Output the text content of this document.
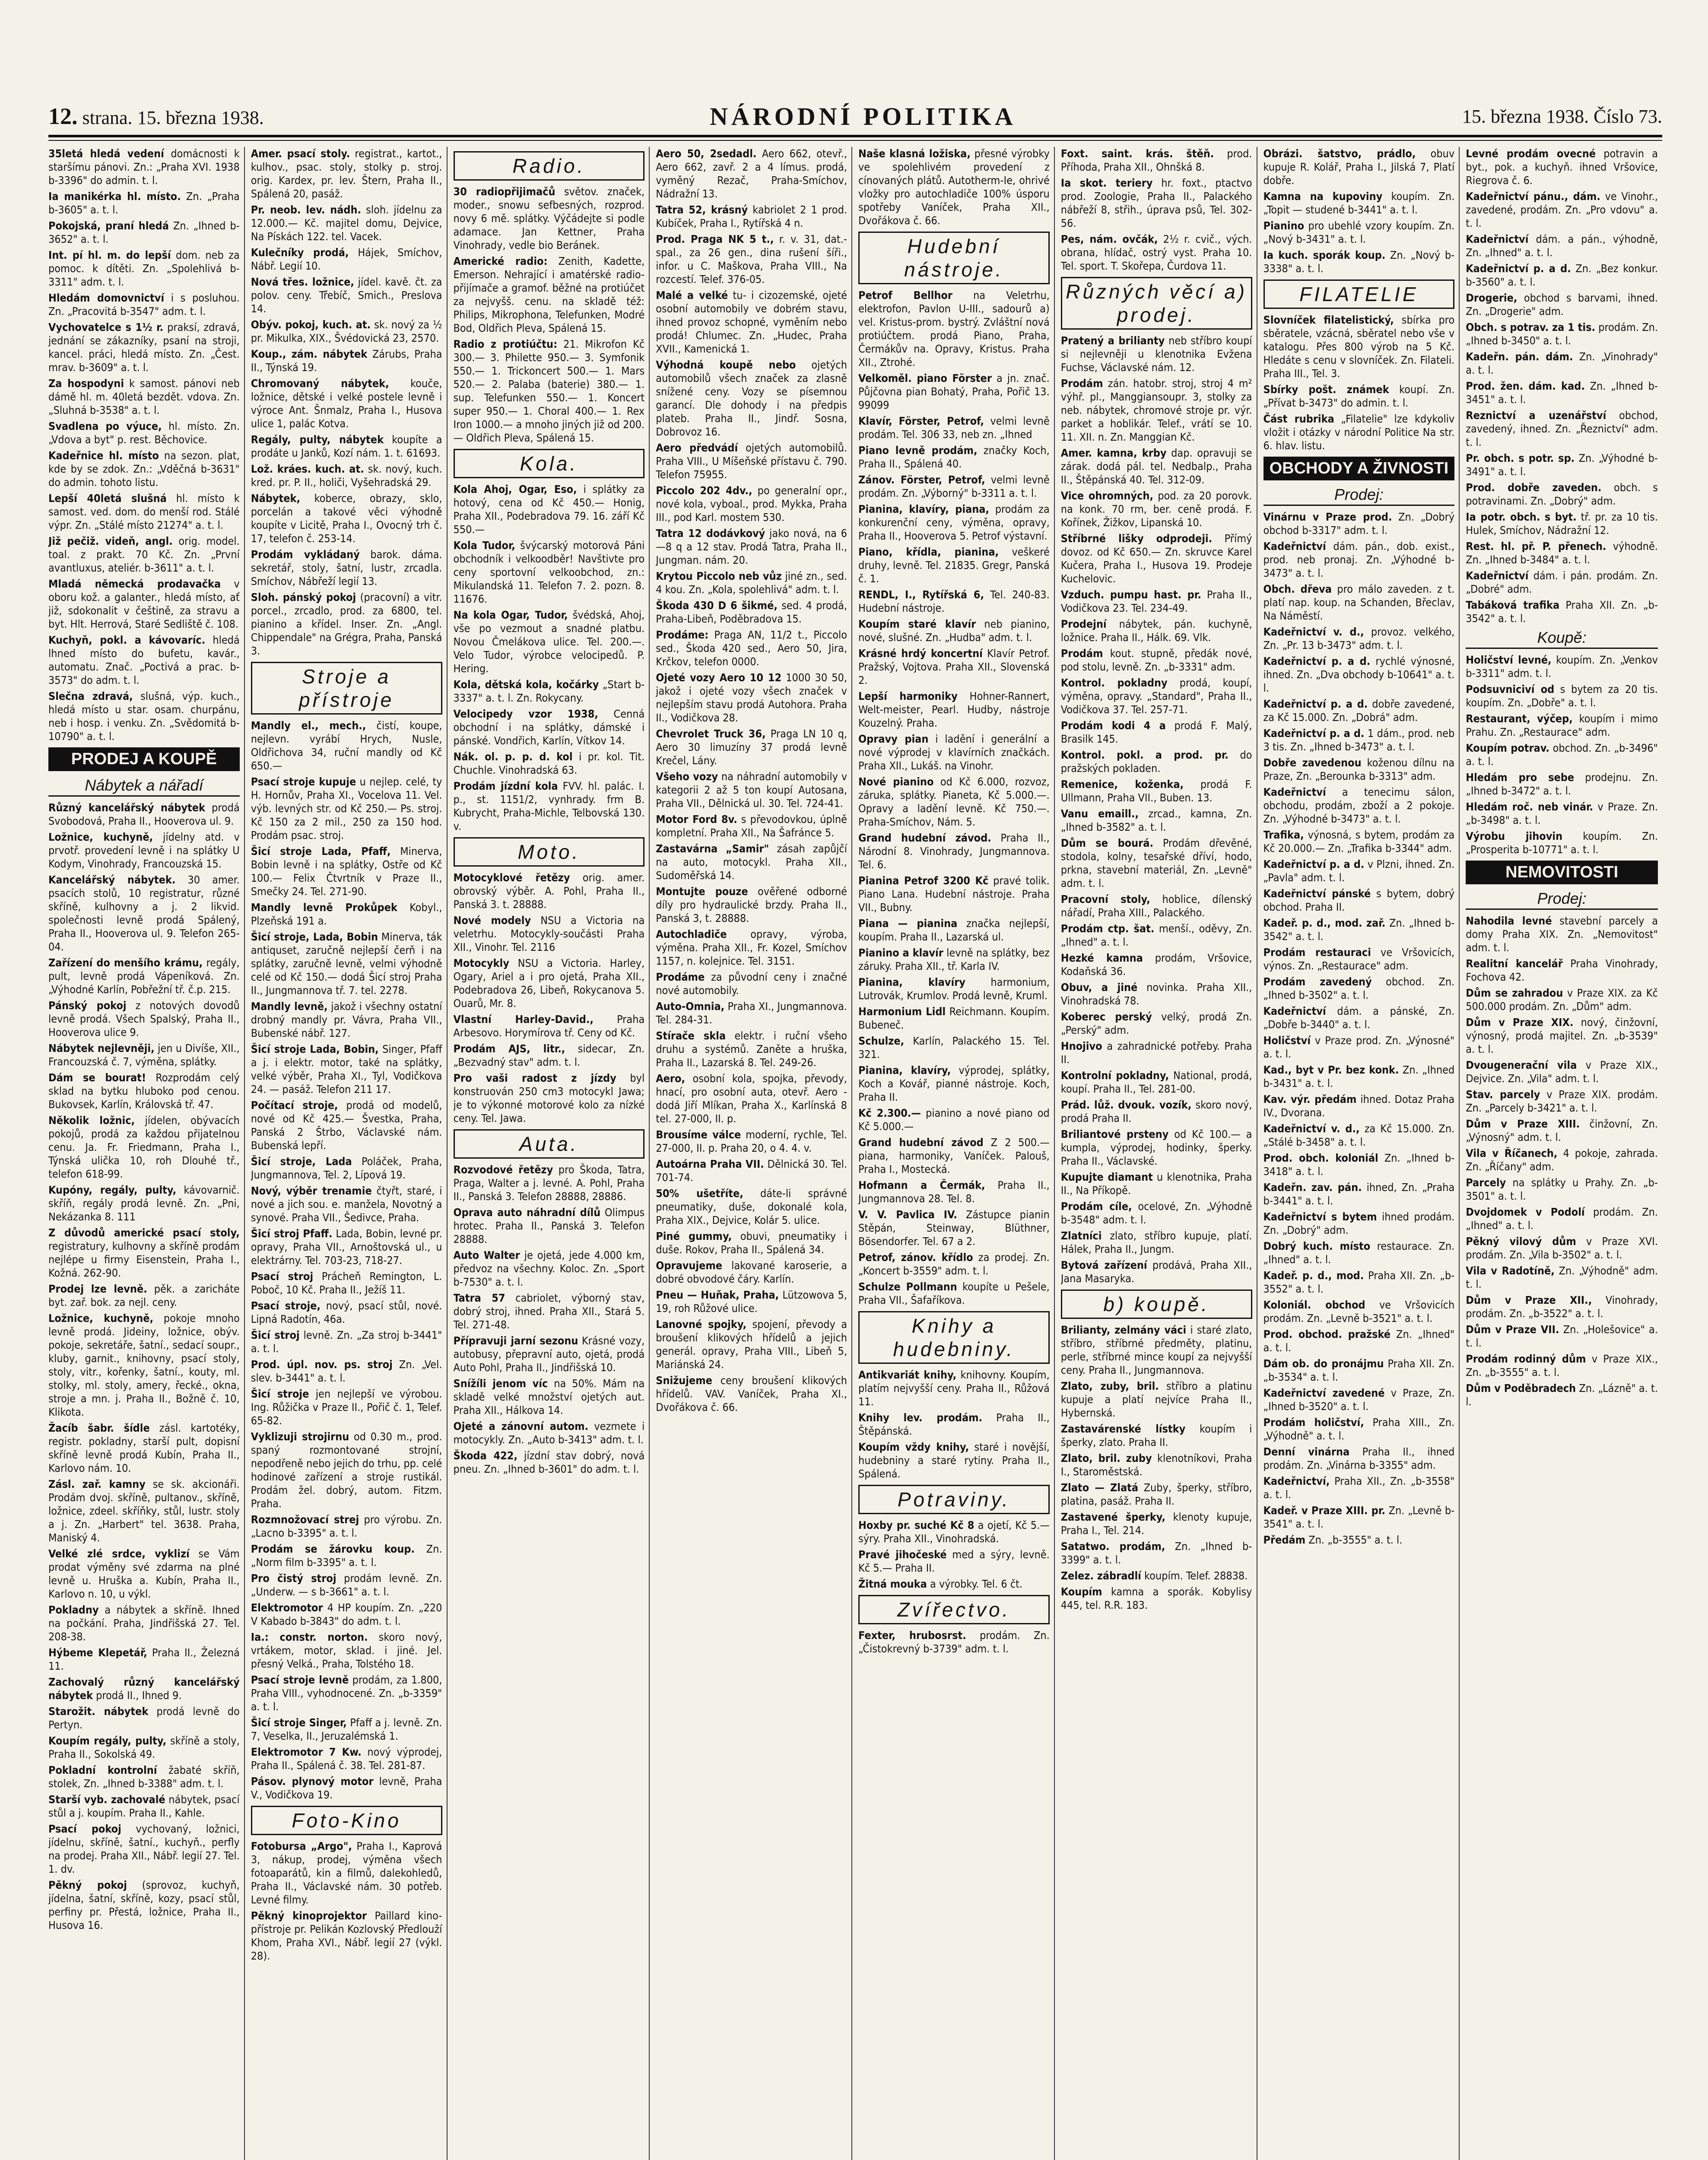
12. strana. 15. března 1938.	NÁRODNÍ POLITIKA	15. března 1938. Číslo 73.

35letá hledá vedení domácnosti k staršímu pánovi. Zn.: „Praha XVI. 1938 b-3396" do admin. t. l.

Ia manikérka hl. místo. Zn. „Praha b-3605" a. t. l.

Pokojská, praní hledá Zn. „Ihned b-3652" a. t. l.

Int. pí hl. m. do lepší dom. neb za pomoc. k dítěti. Zn. „Spolehlivá b-3311" adm. t. l.

Hledám domovnictví i s posluhou. Zn. „Pracovitá b-3547" adm. t. l.

Vychovatelce s 1½ r. praksí, zdravá, jednání se zákazníky, psaní na stroji, kancel. práci, hledá místo. Zn. „Čest. mrav. b-3609" a. t. l.

Za hospodyni k samost. pánovi neb dámě hl. m. 40letá bezdět. vdova. Zn. „Sluhná b-3538" a. t. l.

Svadlena po výuce, hl. místo. Zn. „Vdova a byt" p. rest. Běchovice.

Kadeřnice hl. místo na sezon. plat, kde by se zdok. Zn.: „Vděčná b-3631" do admin. tohoto listu.

Lepší 40letá slušná hl. místo k samost. ved. dom. do menší rod. Stálé výpr. Zn. „Stálé místo 21274" a. t. l.

Již pečiž. videň, angl. orig. model. toal. z prakt. 70 Kč. Zn. „První avantluxus, ateliér. b-3611" a. t. l.

Mladá německá prodavačka v oboru kož. a galanter., hledá místo, ať již, sdokonalit v češtině, za stravu a byt. Hlt. Herrová, Staré Sedliště č. 108.

Kuchyň, pokl. a kávovaríc. hledá lhned místo do bufetu, kavár., automatu. Znač. „Poctivá a prac. b-3573" do adm. t. l.

Slečna zdravá, slušná, výp. kuch., hledá místo u star. osam. churpánu, neb i hosp. i venku. Zn. „Svědomitá b-10790" a. t. l.

PRODEJ A KOUPĚ
Nábytek a nářadí

Různý kancelářský nábytek prodá Svobodová, Praha II., Hooverova ul. 9.

Ložnice, kuchyně, jídelny atd. v prvotř. provedení levně i na splátky U Kodym, Vinohrady, Francouzská 15.

Kancelářský nábytek. 30 amer. psacích stolů, 10 registratur, různé skříně, kulhovny a j. 2 likvid. společnosti levně prodá Spálený, Praha II., Hooverova ul. 9. Telefon 265-04.

Zařízení do menšího krámu, regály, pult, levně prodá Vápeníková. Zn. „Výhodné Karlín, Pobřežní tř. č.p. 215.

Pánský pokoj z notových dovodů levně prodá. Všech Spalský, Praha II., Hooverova ulice 9.

Nábytek nejlevněji, jen u Divíše, XII., Francouzská č. 7, výměna, splátky.

Dám se bourat! Rozprodám celý sklad na bytku hluboko pod cenou. Bukovsek, Karlín, Královská tř. 47.

Několik ložnic, jídelen, obývacích pokojů, prodá za každou přijatelnou cenu. Ja. Fr. Friedmann, Praha I., Týnská ulička 10, roh Dlouhé tř., telefon 618-99.

Kupóny, regály, pulty, kávovarnič. skříň, regály prodá levně. Zn. „Pni, Nekázanka 8. 111

Z důvodů americké psací stoly, registratury, kulhovny a skříně prodám nejlépe u firmy Eisenstein, Praha I., Kožná. 262-90.

Prodej lze levně. pěk. a zaricháte byt. zař. bok. za nejl. ceny.

Ložnice, kuchyně, pokoje mnoho levně prodá. Jideiny, ložnice, obýv. pokoje, sekretáře, šatní., sedací soupr., kluby, garnit., knihovny, psací stoly, stoly, vitr., kořenky, šatní., kouty, ml. stolky, ml. stoly, amery, řecké., okna, stroje a mn. j. Praha II., Božně č. 10, Klikota.

Žacíb šabr. šídle zásl. kartotéky, registr. pokladny, starší pult, dopisní skříně levně prodá Kubín, Praha II., Karlovo nám. 10.

Zásl. zař. kamny se sk. akcionáři. Prodám dvoj. skříně, pultanov., skříně, ložnice, zdeel. skříňky, stůl, lustr. stoly a j. Zn. „Harbert" tel. 3638. Praha, Maniský 4.

Velké zlé srdce, vyklizí se Vám prodat výměny své zdarma na plné levně u. Hruška a. Kubín, Praha II., Karlovo n. 10, u výkl.

Pokladny a nábytek a skříně. Ihned na počkání. Praha, Jindřišská 27. Tel. 208-38.

Hýbeme Klepetář, Praha II., Železná 11.

Zachovalý různý kancelářský nábytek prodá II., Ihned 9.

Starožit. nábytek prodá levně do Pertyn.

Koupím regály, pulty, skříně a stoly, Praha II., Sokolská 49.

Pokladní kontrolní žabaté skříň, stolek, Zn. „Ihned b-3388" adm. t. l.

Starší vyb. zachovalé nábytek, psací stůl a j. koupím. Praha II., Kahle.

Psací pokoj vychovaný, ložnici, jídelnu, skříně, šatní., kuchyň., perfly na prodej. Praha XII., Nábř. legií 27. Tel. 1. dv.

Pěkný pokoj (sprovoz, kuchyň, jídelna, šatní, skříně, kozy, psací stůl, perfiny pr. Přestá, ložnice, Praha II., Husova 16.

Amer. psací stoly. registrat., kartot., kulhov., psac. stoly, stolky p. stroj. orig. Kardex, pr. lev. Štern, Praha II., Spálená 20, pasáž.

Pr. neob. lev. nádh. sloh. jídelnu za 12.000.— Kč. majitel domu, Dejvice, Na Pískách 122. tel. Vacek.

Kulečníky prodá, Hájek, Smíchov, Nábř. Legií 10.

Nová třes. ložnice, jídel. kavě. čt. za polov. ceny. Třebíč, Smich., Preslova 14.

Obýv. pokoj, kuch. at. sk. nový za ½ pr. Mikulka, XIX., Švédovická 23, 2570.

Koup., zám. nábytek Zárubs, Praha II., Týnská 19.

Chromovaný nábytek, kouče, ložnice, dětské i velké postele levně i výroce Ant. Šnmalz, Praha I., Husova ulice 1, palác Kotva.

Regály, pulty, nábytek koupíte a prodáte u Janků, Kozí nám. 1. t. 61693.

Lož. kráes. kuch. at. sk. nový, kuch. kred. pr. P. II., holiči, Vyšehradská 29.

Nábytek, koberce, obrazy, sklo, porcelán a takové věci výhodně koupíte v Licitě, Praha I., Ovocný trh č. 17, telefon č. 253-14.

Prodám vykládaný barok. dáma. sekretář, stoly, šatní, lustr, zrcadla. Smíchov, Nábřeží legií 13.

Sloh. pánský pokoj (pracovní) a vitr. porcel., zrcadlo, prod. za 6800, tel. pianino a křídel. Inser. Zn. „Angl. Chippendale" na Grégra, Praha, Panská 3.

Stroje a přístroje

Mandly el., mech., čistí, koupe, nejlevn. vyrábí Hrych, Nusle, Oldřichova 34, ruční mandly od Kč 650.—

Psací stroje kupuje u nejlep. celé, ty H. Hornův, Praha XI., Vocelova 11. Vel. výb. levných str. od Kč 250.— Ps. stroj. Kč 150 za 2 mil., 250 za 150 hod. Prodám psac. stroj.

Šicí stroje Lada, Pfaff, Minerva, Bobin levně i na splátky, Ostře od Kč 100.— Felix Čtvrtník v Praze II., Smečky 24. Tel. 271-90.

Mandly levně Prokůpek Kobyl., Plzeňská 191 a.

Šicí stroje, Lada, Bobin Minerva, ták antiquset, zaručně nejlepší čerň i na splátky, zaručně levně, velmi výhodně celé od Kč 150.— dodá Šicí stroj Praha II., Jungmannova tř. 7. tel. 2278.

Mandly levně, jakož i všechny ostatní drobný mandly pr. Vávra, Praha VII., Bubenské nábř. 127.

Šicí stroje Lada, Bobin, Singer, Pfaff a j. i elektr. motor, také na splátky, velké výběr, Praha XI., Tyl, Vodičkova 24. — pasáž. Telefon 211 17.

Počítací stroje, prodá od modelů, nové od Kč 425.— Švestka, Praha, Panská 2 Štrbo, Václavské nám. Bubenská lepří.

Šicí stroje, Lada Poláček, Praha, Jungmannova, Tel. 2, Lípová 19.

Nový, výběr trenamie čtyřt, staré, i nové a jich sou. e. manžela, Novotný a synové. Praha VII., Šedivce, Praha.

Šicí stroj Pfaff. Lada, Bobin, levné pr. opravy, Praha VII., Arnoštovská ul., u elektrárny. Tel. 703-23, 718-27.

Psací stroj Prácheň Remington, L. Poboč, 10 Kč. Praha II., Ježíš 11.

Psací stroje, nový, psací stůl, nové. Lipná Radotín, 46a.

Šicí stroj levně. Zn. „Za stroj b-3441" a. t. l.

Prod. úpl. nov. ps. stroj Zn. „Vel. slev. b-3441" a. t. l.

Šicí stroje jen nejlepší ve výrobou. Ing. Růžička v Praze II., Pořič č. 1, Telef. 65-82.

Vyklizuji strojirnu od 0.30 m., prod. spaný rozmontované strojní, nepodřeně nebo jejich do trhu, pp. celé hodinové zařízení a stroje rustikál. Prodám žel. dobrý, autom. Fitzm. Praha.

Rozmnožovací strej pro výrobu. Zn. „Lacno b-3395" a. t. l.

Prodám se žárovku koup. Zn. „Norm film b-3395" a. t. l.

Pro čistý stroj prodám levně. Zn. „Underw. — s b-3661" a. t. l.

Elektromotor 4 HP koupím. Zn. „220 V Kabado b-3843" do adm. t. l.

Ia.: constr. norton. skoro nový, vrtákem, motor, sklad. i jiné. Jel. přesný Velká., Praha, Tolstého 18.

Psací stroje levně prodám, za 1.800, Praha VIII., vyhodnocené. Zn. „b-3359" a. t. l.

Šicí stroje Singer, Pfaff a j. levně. Zn. 7, Veselka, II., Jeruzalémská 1.

Elektromotor 7 Kw. nový výprodej, Praha II., Spálená č. 38. Tel. 281-87.

Pásov. plynový motor levně, Praha V., Vodičkova 19.

Foto-Kino

Fotobursa „Argo", Praha I., Kaprová 3, nákup, prodej, výměna všech fotoaparátů, kin a filmů, dalekohledů, Praha II., Václavské nám. 30 potřeb. Levné filmy.

Pěkný kinoprojektor Paillard kino-přístroje pr. Pelikán Kozlovský Předlouží Khom, Praha XVI., Nábř. legií 27 (výkl. 28).

Radio.

30 radiopřijimačů světov. značek, moder., snowu sefbesných, rozprod. novy 6 mě. splátky. Výčádejte si podle adamace. Jan Kettner, Praha Vinohrady, vedle bio Beránek.

Americké radio: Zenith, Kadette, Emerson. Nehrající i amatérské radio-přijímače a gramof. běžné na protiúčet za nejvyšš. cenu. na skladě též: Philips, Mikrophona, Telefunken, Modré Bod, Oldřich Pleva, Spálená 15.

Radio z protiúčtu: 21. Mikrofon Kč 300.— 3. Philette 950.— 3. Symfonik 550.— 1. Trickoncert 500.— 1. Mars 520.— 2. Palaba (baterie) 380.— 1. sup. Telefunken 550.— 1. Koncert super 950.— 1. Choral 400.— 1. Rex Iron 1000.— a mnoho jiných již od 200.— Oldřich Pleva, Spálená 15.

Kola.

Kola Ahoj, Ogar, Eso, i splátky za hotový, cena od Kč 450.— Honig, Praha XII., Podebradova 79. 16. září Kč 550.—

Kola Tudor, švýcarský motorová Páni obchodník i velkoodběr! Navštivte pro ceny sportovní velkoobchod, zn.: Mikulandská 11. Telefon 7. 2. pozn. 8. 11676.

Na kola Ogar, Tudor, švédská, Ahoj, vše po vezmout a snadné platbu. Novou Čmelákova ulice. Tel. 200.—. Velo Tudor, výrobce velocipedů. P. Hering.

Kola, dětská kola, kočárky „Start b-3337" a. t. l. Zn. Rokycany.

Velocipedy vzor 1938, Cenná obchodní i na splátky, dámské i pánské. Vondřich, Karlín, Vítkov 14.

Nák. ol. p. p. d. kol i pr. kol. Tit. Chuchle. Vinohradská 63.

Prodám jízdní kola FVV. hl. palác. I. p., st. 1151/2, vynhrady. frm B. Kubrycht, Praha-Michle, Telbovská 130. v.

Moto.

Motocyklové řetězy orig. amer. obrovský výběr. A. Pohl, Praha II., Panská 3. t. 28888.

Nové modely NSU a Victoria na veletrhu. Motocykly-součásti Praha XII., Vinohr. Tel. 2116

Motocykly NSU a Victoria. Harley, Ogary, Ariel a i pro ojetá, Praha XII., Podebradova 26, Libeň, Rokycanova 5. Ouarů, Mr. 8.

Vlastní Harley-David., Praha Arbesovo. Horymírova tř. Ceny od Kč.

Prodám AJS, litr., sidecar, Zn. „Bezvadný stav" adm. t. l.

Pro vaši radost z jízdy byl konstruován 250 cm3 motocykl Jawa; je to výkonné motorové kolo za nízké ceny. Tel. Jawa.

Auta.

Rozvodové řetězy pro Škoda, Tatra, Praga, Walter a j. levné. A. Pohl, Praha II., Panská 3. Telefon 28888, 28886.

Oprava auto náhradní dílů Olimpus hrotec. Praha II., Panská 3. Telefon 28888.

Auto Walter je ojetá, jede 4.000 km, předvoz na všechny. Koloc. Zn. „Sport b-7530" a. t. l.

Tatra 57 cabriolet, výborný stav, dobrý stroj, ihned. Praha XII., Stará 5. Tel. 271-48.

Přípravuji jarní sezonu Krásné vozy, autobusy, přepravní auto, ojetá, prodá Auto Pohl, Praha II., Jindřišská 10.

Snížíli jenom víc na 50%. Mám na skladě velké množství ojetých aut. Praha XII., Hálkova 14.

Ojeté a zánovní autom. vezmete i motocykly. Zn. „Auto b-3413" adm. t. l.

Škoda 422, jízdní stav dobrý, nová pneu. Zn. „Ihned b-3601" do adm. t. l.

Aero 50, 2sedadl. Aero 662, otevř., Aero 662, zavř. 2 a 4 límus. prodá, vyměný Rezač, Praha-Smíchov, Nádražní 13.

Tatra 52, krásný kabriolet 2 1 prod. Kubíček, Praha I., Rytířská 4 n.

Prod. Praga NK 5 t., r. v. 31, dat.-spal., za 26 gen., dina rušení šíři., infor. u C. Maškova, Praha VIII., Na rozcestí. Telef. 376-05.

Malé a velké tu- i cizozemské, ojeté osobní automobily ve dobrém stavu, ihned provoz schopné, vyměním nebo prodá! Chlumec. Zn. „Hudec, Praha XVII., Kamenická 1.

Výhodná koupě nebo ojetých automobilů všech značek za zlasně snížené ceny. Vozy se písemnou garancí. Dle dohody i na předpis plateb. Praha II., Jindř. Sosna, Dobrovoz 16.

Aero předvádí ojetých automobilů. Praha VIII., U Míšeňské přístavu č. 790. Telefon 75955.

Piccolo 202 4dv., po generalní opr., nové kola, vyboal., prod. Mykka, Praha III., pod Karl. mostem 530.

Tatra 12 dodávkový jako nová, na 6—8 q a 12 stav. Prodá Tatra, Praha II., Jungman. nám. 20.

Krytou Piccolo neb vůz jiné zn., sed. 4 kou. Zn. „Kola, spolehlivá" adm. t. l.

Škoda 430 D 6 šikmé, sed. 4 prodá, Praha-Libeň, Poděbradova 15.

Prodáme: Praga AN, 11/2 t., Piccolo sed., Škoda 420 sed., Aero 50, Jira, Krčkov, telefon 0000.

Ojeté vozy Aero 10 12 1000 30 50, jakož i ojeté vozy všech značek v nejlepším stavu prodá Autohora. Praha II., Vodičkova 28.

Chevrolet Truck 36, Praga LN 10 q, Aero 30 limuzíny 37 prodá levně Krečel, Lány.

Všeho vozy na náhradní automobily v kategorii 2 až 5 ton koupí Autosana, Praha VII., Dělnická ul. 30. Tel. 724-41.

Motor Ford 8v. s převodovkou, úplně kompletní. Praha XII., Na Šafránce 5.

Zastavárna „Samir" zásah zapůjčí na auto, motocykl. Praha XII., Sudoměřská 14.

Montujte pouze ověřené odborné díly pro hydraulické brzdy. Praha II., Panská 3, t. 28888.

Autochladiče opravy, výroba, výměna. Praha XII., Fr. Kozel, Smíchov 1157, n. kolejnice. Tel. 3151.

Prodáme za původní ceny i značné nové automobily.

Auto-Omnia, Praha XI., Jungmannova. Tel. 284-31.

Stírače skla elektr. i ruční všeho druhu a systémů. Zaněte a hruška, Praha II., Lazarská 8. Tel. 249-26.

Aero, osobní kola, spojka, převody, hnací, pro osobní auta, otevř. Aero - dodá Jiří Mlíkan, Praha X., Karlínská 8 tel. 27-000, II. p.

Brousíme válce moderní, rychle, Tel. 27-000, II. p. Praha 20, o 4. 4. v.

Autoárna Praha VII. Dělnická 30. Tel. 701-74.

50% ušetříte, dáte-li správné pneumatiky, duše, dokonalé kola, Praha XIX., Dejvice, Kolár 5. ulice.

Piné gummy, obuvi, pneumatiky i duše. Rokov, Praha II., Spálená 34.

Opravujeme lakované karoserie, a dobré obvodové čáry. Karlín.

Pneu — Huňak, Praha, Lützowova 5, 19, roh Růžové ulice.

Lanovné spojky, spojení, převody a broušení klikových hřídelů a jejich generál. opravy, Praha VIII., Libeň 5, Mariánská 24.

Snižujeme ceny broušení klikových hřídelů. VAV. Vaníček, Praha XI., Dvořákova č. 66.

Naše klasná ložiska, přesné výrobky ve spolehlivém provedení z cínovaných plátů. Autotherm-Ie, ohrivé vložky pro autochladiče 100% úsporu spotřeby Vaníček, Praha XII., Dvořákova č. 66.

Hudební nástroje.

Petrof Bellhor na Veletrhu, elektrofon, Pavlon U-III., sadourů a) vel. Kristus-prom. bystrý. Zvláštní nová protiúčtem. prodá Piano, Praha, Čermákův na. Opravy, Kristus. Praha XII., Ztrohé.

Velkoměl. piano Förster a jn. znač. Půjčovna pian Bohatý, Praha, Pořič 13. 99099

Klavír, Förster, Petrof, velmi levně prodám. Tel. 306 33, neb zn. „Ihned

Piano levně prodám, značky Koch, Praha II., Spálená 40.

Zánov. Förster, Petrof, velmi levně prodám. Zn. „Výborný" b-3311 a. t. l.

Pianina, klavíry, piana, prodám za konkurenční ceny, výměna, opravy, Praha II., Hooverova 5. Petrof výstavní.

Piano, křídla, pianina, veškeré druhy, levně. Tel. 21835. Gregr, Panská č. 1.

RENDL, I., Rytířská 6, Tel. 240-83. Hudební nástroje.

Koupím staré klavír neb pianino, nové, slušné. Zn. „Hudba" adm. t. l.

Krásné hrdý koncertní Klavír Petrof. Pražský, Vojtova. Praha XII., Slovenská 2.

Lepší harmoniky Hohner-Rannert, Welt-meister, Pearl. Hudby, nástroje Kouzelný. Praha.

Opravy pian i ladění i generální a nové výprodej v klavírních značkách. Praha XII., Lukáš. na Vinohr.

Nové pianino od Kč 6.000, rozvoz, záruka, splátky. Pianeta, Kč 5.000.—. Opravy a ladění levně. Kč 750.—. Praha-Smíchov, Nám. 5.

Grand hudební závod. Praha II., Národní 8. Vinohrady, Jungmannova. Tel. 6.

Pianina Petrof 3200 Kč pravé tolik. Piano Lana. Hudební nástroje. Praha VII., Bubny.

Piana — pianina značka nejlepší, koupím. Praha II., Lazarská ul.

Pianino a klavír levně na splátky, bez záruky. Praha XII., tř. Karla IV.

Pianina, klavíry harmonium, Lutrovák, Krumlov. Prodá levně, Kruml.

Harmonium Lidl Reichmann. Koupím. Bubeneč.

Schulze, Karlín, Palackého 15. Tel. 321.

Pianina, klavíry, výprodej, splátky, Koch a Kovář, pianné nástroje. Koch, Praha II.

Kč 2.300.— pianino a nové piano od Kč 5.000.—

Grand hudební závod Z 2 500.— piana, harmoniky, Vaníček. Palouš, Praha I., Mostecká.

Hofmann a Čermák, Praha II., Jungmannova 28. Tel. 8.

V. V. Pavlica IV. Zástupce pianin Stěpán, Steinway, Blüthner, Bösendorfer. Tel. 67 a 2.

Petrof, zánov. křídlo za prodej. Zn. „Koncert b-3559" adm. t. l.

Schulze Pollmann koupíte u Pešele, Praha VII., Šafaříkova.

Knihy a hudebniny.

Antikvariát knihy, knihovny. Koupím, platím nejvyšší ceny. Praha II., Růžová 11.

Knihy lev. prodám. Praha II., Štěpánská.

Koupím vždy knihy, staré i novější, hudebniny a staré rytiny. Praha II., Spálená.

Potraviny.

Hoxby pr. suché Kč 8 a ojetí, Kč 5.— sýry. Praha XII., Vinohradská.

Pravé jihočeské med a sýry, levně. Kč 5.— Praha II.

Žitná mouka a výrobky. Tel. 6 čt.

Zvířectvo.

Fexter, hrubosrst. prodám. Zn. „Čistokrevný b-3739" adm. t. l.

Foxt. saint. krás. štěň. prod. Příhoda, Praha XII., Ohnšká 8.

Ia skot. teriery hr. foxt., ptactvo prod. Zoologie, Praha II., Palackého nábřeží 8, střih., úprava psů, Tel. 302-56.

Pes, nám. ovčák, 2½ r. cvič., vých. obrana, hlídač, ostrý vyst. Praha 10. Tel. sport. T. Skořepa, Čurdova 11.

Různých věcí a) prodej.

Pratený a brilianty neb stříbro koupí si nejlevněji u klenotnika Evžena Fuchse, Václavské nám. 12.

Prodám zán. hatobr. stroj, stroj 4 m² výhř. pl., Manggiansoupr. 3, stolky za neb. nábytek, chromové stroje pr. výr. parket a hoblikár. Telef., vrátí se 10. 11. XII. n. Zn. Manggian Kč.

Amer. kamna, krby dap. opravuji se zárak. dodá pál. tel. Nedbalp., Praha II., Štěpánská 40. Tel. 312-09.

Vice ohromných, pod. za 20 porovk. na konk. 70 rm, ber. ceně prodá. F. Kořínek, Žižkov, Lipanská 10.

Stříbrné lišky odprodeji. Přímý dovoz. od Kč 650.— Zn. skruvce Karel Kučera, Praha I., Husova 19. Prodeje Kuchelovic.

Vzduch. pumpu hast. pr. Praha II., Vodičkova 23. Tel. 234-49.

Prodejní nábytek, pán. kuchyně, ložnice. Praha II., Hálk. 69. Vlk.

Prodám kout. stupně, předák nové, pod stolu, levně. Zn. „b-3331" adm.

Kontrol. pokladny prodá, koupí, výměna, opravy. „Standard", Praha II., Vodičkova 37. Tel. 257-71.

Prodám kodi 4 a prodá F. Malý, Brasilk 145.

Kontrol. pokl. a prod. pr. do pražských pokladen.

Remenice, koženka, prodá F. Ullmann, Praha VII., Buben. 13.

Vanu emaill., zrcad., kamna, Zn. „Ihned b-3582" a. t. l.

Dům se bourá. Prodám dřevěné, stodola, kolny, tesařské dříví, hodo, prkna, stavební materiál, Zn. „Levně" adm. t. l.

Pracovní stoly, hoblice, dílenský nářadí, Praha XIII., Palackého.

Prodám ctp. šat. menší., oděvy, Zn. „Ihned" a. t. l.

Hezké kamna prodám, Vršovice, Kodaňská 36.

Obuv, a jiné novinka. Praha XII., Vinohradská 78.

Koberec perský velký, prodá Zn. „Perský" adm.

Hnojivo a zahradnické potřeby. Praha II.

Kontrolní pokladny, National, prodá, koupí. Praha II., Tel. 281-00.

Prád. lůž. dvouk. vozík, skoro nový, prodá Praha II.

Briliantové prsteny od Kč 100.— a kumpla, výprodej, hodinky, šperky. Praha II., Václavské.

Kupujte diamant u klenotnika, Praha II., Na Příkopě.

Prodám cíle, ocelové, Zn. „Výhodně b-3548" adm. t. l.

Zlatníci zlato, stříbro kupuje, platí. Hálek, Praha II., Jungm.

Bytová zařízení prodává, Praha XII., Jana Masaryka.

b) koupě.

Brilianty, zelmány váci i staré zlato, stříbro, stříbrné předměty, platinu, perle, stříbrné mince koupí za nejvyšší ceny. Praha II., Jungmannova.

Zlato, zuby, bril. stříbro a platinu kupuje a platí nejvíce Praha II., Hybernská.

Zastavárenské lístky koupím i šperky, zlato. Praha II.

Zlato, bril. zuby klenotníkovi, Praha I., Staroměstská.

Zlato — Zlatá Zuby, šperky, stříbro, platina, pasáž. Praha II.

Zastavené šperky, klenoty kupuje, Praha I., Tel. 214.

Satatwo. prodám, Zn. „Ihned b-3399" a. t. l.

Zelez. zábradlí koupím. Telef. 28838.

Koupím kamna a sporák. Kobylisy 445, tel. R.R. 183.

Obrázi. šatstvo, prádlo, obuv kupuje R. Kolář, Praha I., Jilská 7, Platí dobře.

Kamna na kupoviny koupím. Zn. „Topit — studené b-3441" a. t. l.

Pianino pro ubehlé vzory koupím. Zn. „Nový b-3431" a. t. l.

Ia kuch. sporák koup. Zn. „Nový b-3338" a. t. l.

FILATELIE

Slovníček filatelistický, sbírka pro sběratele, vzácná, sběratel nebo vše v katalogu. Přes 800 výrob na 5 Kč. Hledáte s cenu v slovníček. Zn. Filateli. Praha III., Tel. 3.

Sbírky pošt. známek koupí. Zn. „Přívat b-3473" do admin. t. l.

Část rubrika „Filatelie" lze kdykoliv vložit i otázky v národní Politice Na str. 6. hlav. listu.

OBCHODY A ŽIVNOSTI
Prodej:

Vinárnu v Praze prod. Zn. „Dobrý obchod b-3317" adm. t. l.

Kadeřnictví dám. pán., dob. exist., prod. neb pronaj. Zn. „Výhodné b-3473" a. t. l.

Obch. dřeva pro málo zaveden. z t. platí nap. koup. na Schanden, Břeclav, Na Náměstí.

Kadeřnictví v. d., provoz. velkého, Zn. „Pr. 13 b-3473" adm. t. l.

Kadeřnictví p. a d. rychlé výnosné, ihned. Zn. „Dva obchody b-10641" a. t. l.

Kadeřnictví p. a d. dobře zavedené, za Kč 15.000. Zn. „Dobrá" adm.

Kadeřnictví p. a d. 1 dám., prod. neb 3 tis. Zn. „Ihned b-3473" a. t. l.

Dobře zavedenou koženou dílnu na Praze, Zn. „Berounka b-3313" adm.

Kadeřnictví a tenecimu sálon, obchodu, prodám, zboží a 2 pokoje. Zn. „Výhodné b-3473" a. t. l.

Trafika, výnosná, s bytem, prodám za Kč 20.000.— Zn. „Trafika b-3344" adm.

Kadeřnictví p. a d. v Plzni, ihned. Zn. „Pavla" adm. t. l.

Kadeřnictví pánské s bytem, dobrý obchod. Praha II.

Kadeř. p. d., mod. zař. Zn. „Ihned b-3542" a. t. l.

Prodám restauraci ve Vršovicích, výnos. Zn. „Restaurace" adm.

Prodám zavedený obchod. Zn. „Ihned b-3502" a. t. l.

Kadeřnictví dám. a pánské, Zn. „Dobře b-3440" a. t. l.

Holičství v Praze prod. Zn. „Výnosné" a. t. l.

Kad., byt v Pr. bez konk. Zn. „Ihned b-3431" a. t. l.

Kav. výr. předám ihned. Dotaz Praha IV., Dvorana.

Kadeřnictví v. d., za Kč 15.000. Zn. „Stálé b-3458" a. t. l.

Prod. obch. koloniál Zn. „Ihned b-3418" a. t. l.

Kadeřn. zav. pán. ihned, Zn. „Praha b-3441" a. t. l.

Kadeřnictví s bytem ihned prodám. Zn. „Dobrý" adm.

Dobrý kuch. místo restaurace. Zn. „Ihned" a. t. l.

Kadeř. p. d., mod. Praha XII. Zn. „b-3552" a. t. l.

Koloniál. obchod ve Vršovicích prodám. Zn. „Levně b-3521" a. t. l.

Prod. obchod. pražské Zn. „Ihned" a. t. l.

Dám ob. do pronájmu Praha XII. Zn. „b-3534" a. t. l.

Kadeřnictví zavedené v Praze, Zn. „Ihned b-3520" a. t. l.

Prodám holičství, Praha XIII., Zn. „Výhodně" a. t. l.

Denní vinárna Praha II., ihned prodám. Zn. „Vinárna b-3355" adm.

Kadeřnictví, Praha XII., Zn. „b-3558" a. t. l.

Kadeř. v Praze XIII. pr. Zn. „Levně b-3541" a. t. l.

Předám Zn. „b-3555" a. t. l.

Levné prodám ovecné potravin a byt., pok. a kuchyň. ihned Vršovice, Riegrova č. 6.

Kadeřnictví pánu., dám. ve Vinohr., zavedené, prodám. Zn. „Pro vdovu" a. t. l.

Kadeřnictví dám. a pán., výhodně, Zn. „Ihned" a. t. l.

Kadeřnictví p. a d. Zn. „Bez konkur. b-3560" a. t. l.

Drogerie, obchod s barvami, ihned. Zn. „Drogerie" adm.

Obch. s potrav. za 1 tis. prodám. Zn. „Ihned b-3450" a. t. l.

Kadeřn. pán. dám. Zn. „Vinohrady" a. t. l.

Prod. žen. dám. kad. Zn. „Ihned b-3451" a. t. l.

Reznictví a uzenářství obchod, zavedený, ihned. Zn. „Řeznictví" adm. t. l.

Pr. obch. s potr. sp. Zn. „Výhodné b-3491" a. t. l.

Prod. dobře zaveden. obch. s potravinami. Zn. „Dobrý" adm.

Ia potr. obch. s byt. tř. pr. za 10 tis. Hulek, Smíchov, Nádražní 12.

Rest. hl. př. P. přenech. výhodně. Zn. „Ihned b-3484" a. t. l.

Kadeřnictví dám. i pán. prodám. Zn. „Dobré" adm.

Tabáková trafika Praha XII. Zn. „b-3542" a. t. l.

Koupě:

Holičství levné, koupím. Zn. „Venkov b-3311" adm. t. l.

Podsuvniciví od s bytem za 20 tis. koupím. Zn. „Dobře" a. t. l.

Restaurant, výčep, koupím i mimo Prahu. Zn. „Restaurace" adm.

Koupím potrav. obchod. Zn. „b-3496" a. t. l.

Hledám pro sebe prodejnu. Zn. „Ihned b-3472" a. t. l.

Hledám roč. neb vinár. v Praze. Zn. „b-3498" a. t. l.

Výrobu jihovin koupím. Zn. „Prosperita b-10771" a. t. l.

NEMOVITOSTI
Prodej:

Nahodila levné stavební parcely a domy Praha XIX. Zn. „Nemovitost" adm. t. l.

Realitní kancelář Praha Vinohrady, Fochova 42.

Dům se zahradou v Praze XIX. za Kč 500.000 prodám. Zn. „Dům" adm.

Dům v Praze XIX. nový, činžovní, výnosný, prodá majitel. Zn. „b-3539" a. t. l.

Dvougenerační vila v Praze XIX., Dejvice. Zn. „Vila" adm. t. l.

Stav. parcely v Praze XIX. prodám. Zn. „Parcely b-3421" a. t. l.

Dům v Praze XIII. činžovní, Zn. „Výnosný" adm. t. l.

Vila v Říčanech, 4 pokoje, zahrada. Zn. „Říčany" adm.

Parcely na splátky u Prahy. Zn. „b-3501" a. t. l.

Dvojdomek v Podolí prodám. Zn. „Ihned" a. t. l.

Pěkný vilový dům v Praze XVI. prodám. Zn. „Vila b-3502" a. t. l.

Vila v Radotíně, Zn. „Výhodně" adm. t. l.

Dům v Praze XII., Vinohrady, prodám. Zn. „b-3522" a. t. l.

Dům v Praze VII. Zn. „Holešovice" a. t. l.

Prodám rodinný dům v Praze XIX., Zn. „b-3555" a. t. l.

Dům v Poděbradech Zn. „Lázně" a. t. l.
